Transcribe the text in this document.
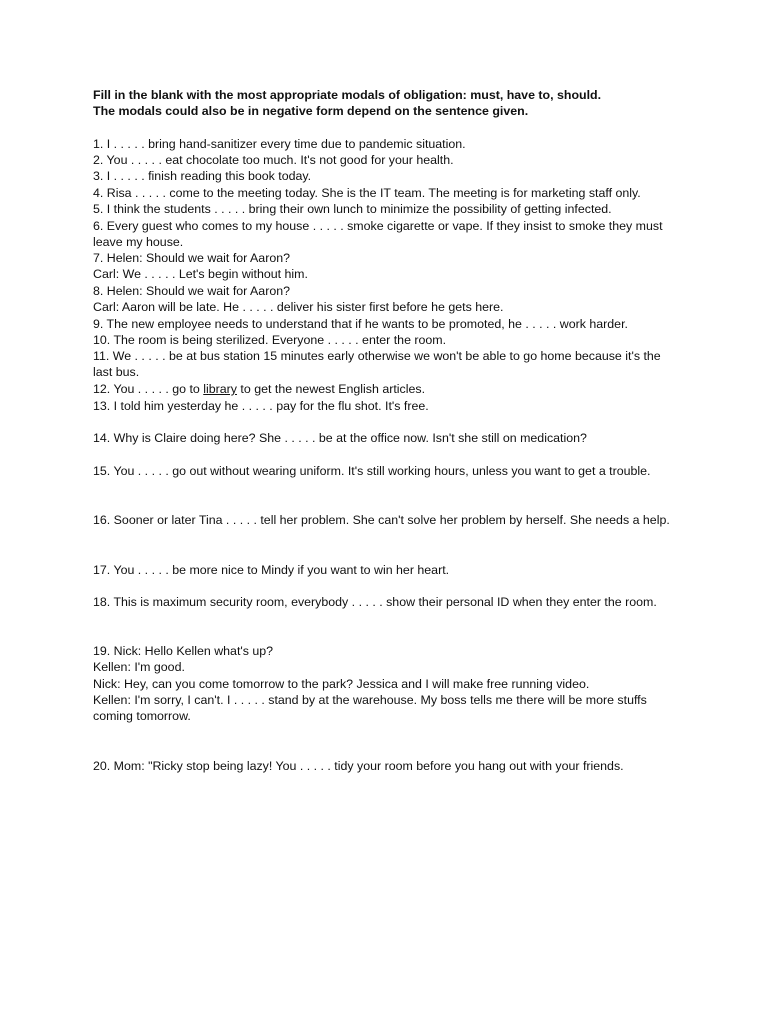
Fill in the blank with the most appropriate modals of obligation: must, have to, should.
The modals could also be in negative form depend on the sentence given.
1. I . . . . . bring hand-sanitizer every time due to pandemic situation.
2. You . . . . . eat chocolate too much. It's not good for your health.
3. I . . . . . finish reading this book today.
4. Risa . . . . . come to the meeting today. She is the IT team. The meeting is for marketing staff only.
5. I think the students . . . . . bring their own lunch to minimize the possibility of getting infected.
6. Every guest who comes to my house . . . . . smoke cigarette or vape. If they insist to smoke they must leave my house.
7. Helen: Should we wait for Aaron?
Carl: We . . . . . Let's begin without him.
8. Helen: Should we wait for Aaron?
Carl: Aaron will be late. He . . . . . deliver his sister first before he gets here.
9. The new employee needs to understand that if he wants to be promoted, he . . . . . work harder.
10. The room is being sterilized. Everyone . . . . . enter the room.
11. We . . . . . be at bus station 15 minutes early otherwise we won't be able to go home because it's the last bus.
12. You . . . . . go to library to get the newest English articles.
13. I told him yesterday he . . . . . pay for the flu shot. It's free.
14. Why is Claire doing here? She . . . . . be at the office now. Isn't she still on medication?
15. You . . . . . go out without wearing uniform. It's still working hours, unless you want to get a trouble.
16. Sooner or later Tina . . . . . tell her problem. She can't solve her problem by herself. She needs a help.
17. You . . . . . be more nice to Mindy if you want to win her heart.
18. This is maximum security room, everybody . . . . . show their personal ID when they enter the room.
19. Nick: Hello Kellen what's up?
Kellen: I'm good.
Nick: Hey, can you come tomorrow to the park? Jessica and I will make free running video.
Kellen: I'm sorry, I can't. I . . . . . stand by at the warehouse. My boss tells me there will be more stuffs coming tomorrow.
20. Mom: "Ricky stop being lazy! You . . . . . tidy your room before you hang out with your friends.
